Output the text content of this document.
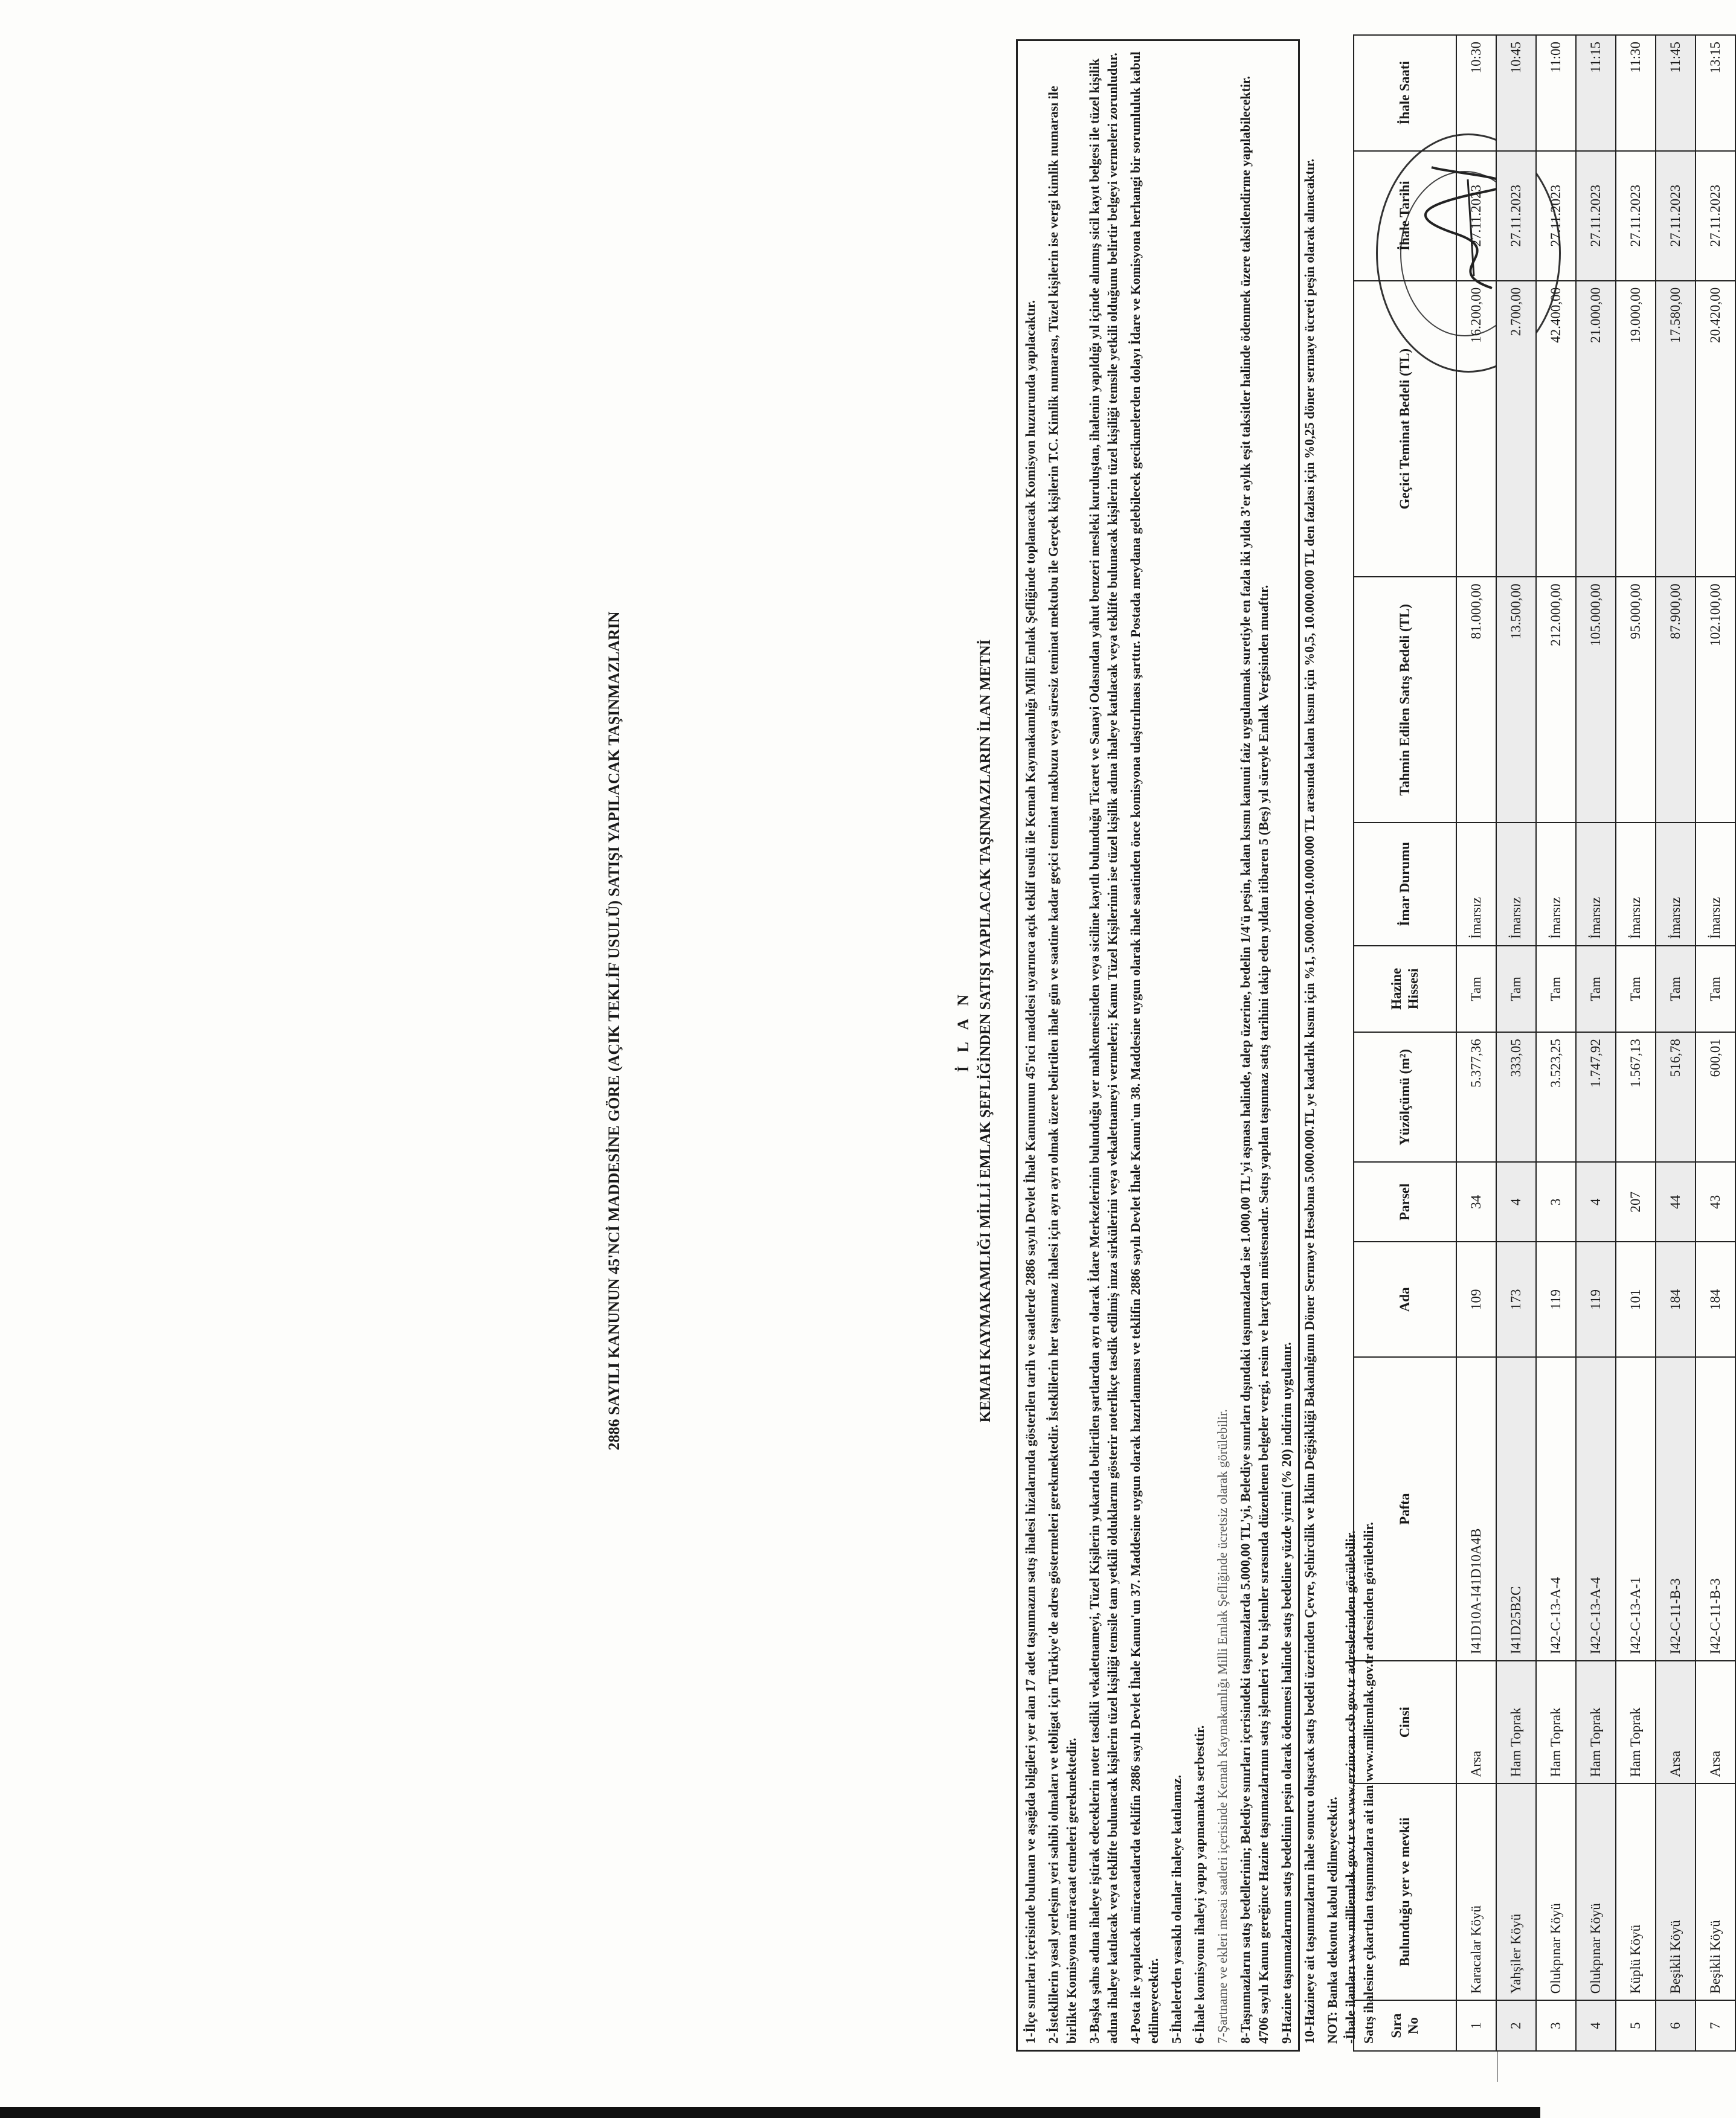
İ L A N KEMAH KAYMAKAMLIĞI MİLLİ EMLAK ŞEFLİĞİNDEN SATIŞI YAPILACAK TAŞINMAZLARIN İLAN METNİ 1-İlçe sınırları içerisinde bulunan ve aşağıda bilgileri yer alan 17 adet taşınmazın satış ihalesi hizalarında gösterilen tarih ve saatlerde 2886 sayılı Devlet İhale Kanununun 45'nci maddesi uyarınca açık teklif usulü ile Kemah Kaymakamlığı Milli Emlak Şefliğinde toplanacak Komisyon huzurunda yapılacaktır. 2-İsteklilerin yasal yerleşim yeri sahibi olmaları ve tebligat için Türkiye'de adres göstermeleri gerekmektedir. İsteklilerin her taşınmaz ihalesi için ayrı ayrı olmak üzere belirtilen ihale gün ve saatine kadar geçici teminat makbuzu veya süresiz teminat mektubu ile Gerçek kişilerin T.C. Kimlik numarası, Tüzel kişilerin ise vergi kimlik numarası ile birlikte Komisyona müracaat etmeleri gerekmektedir. 3-Başka şahıs adına ihaleye iştirak edeceklerin noter tasdikli vekaletnameyi, Tüzel Kişilerin yukarıda belirtilen şartlardan ayrı olarak İdare Merkezlerinin bulunduğu yer mahkemesinden veya siciline kayıtlı bulunduğu Ticaret ve Sanayi Odasından yahut benzeri mesleki kuruluştan, ihalenin yapıldığı yıl içinde alınmış sicil kayıt belgesi ile tüzel kişilik adına ihaleye katılacak veya teklifte bulunacak kişilerin tüzel kişiliği temsile tam yetkili olduklarını gösterir noterlikçe tasdik edilmiş imza sirkülerini veya vekaletnameyi vermeleri; Kamu Tüzel Kişilerinin ise tüzel kişilik adına ihaleye katılacak veya teklifte bulunacak kişilerin tüzel kişiliği temsile yetkili olduğunu belirtir belgeyi vermeleri zorunludur. 4-Posta ile yapılacak müracaatlarda teklifin 2886 sayılı Devlet İhale Kanun'un 37. Maddesine uygun olarak hazırlanması ve teklifin 2886 sayılı Devlet İhale Kanun'un 38. Maddesine uygun olarak ihale saatinden önce komisyona ulaştırılması şarttır. Postada meydana gelebilecek gecikmelerden dolayı İdare ve Komisyona herhangi bir sorumluluk kabul edilmeyecektir. 5-İhalelerden yasaklı olanlar ihaleye katılamaz. 6-İhale komisyonu ihaleyi yapıp yapmamakta serbesttir. 7-Şartname ve ekleri mesai saatleri içerisinde Kemah Kaymakamlığı Milli Emlak Şefliğinde ücretsiz olarak görülebilir. 8-Taşınmazların satış bedellerinin; Belediye sınırları içerisindeki taşınmazlarda 5.000,00 TL'yi, Belediye sınırları dışındaki taşınmazlarda ise 1.000,00 TL'yi aşması halinde, talep üzerine, bedelin 1/4'ü peşin, kalan kısmı kanuni faiz uygulanmak suretiyle en fazla iki yılda 3'er aylık eşit taksitler halinde ödenmek üzere taksitlendirme yapılabilecektir. 4706 sayılı Kanun gereğince Hazine taşınmazlarının satış işlemleri ve bu işlemler sırasında düzenlenen belgeler vergi, resim ve harçtan müstesnadır. Satışı yapılan taşınmaz satış tarihini takip eden yıldan itibaren 5 (Beş) yıl süreyle Emlak Vergisinden muaftır. 9-Hazine taşınmazlarının satış bedelinin peşin olarak ödenmesi halinde satış bedeline yüzde yirmi (% 20) indirim uygulanır. 10-Hazineye ait taşınmazların ihale sonucu oluşacak satış bedeli üzerinden Çevre, Şehircilik ve İklim Değişikliği Bakanlığının Döner Sermaye Hesabına 5.000.000.TL ye kadarlık kısmı için %1, 5.000.000-10.000.000 TL arasında kalan kısım için %0,5, 10.000.000 TL den fazlası için %0,25 döner sermaye ücreti peşin olarak alınacaktır. NOT: Banka dekontu kabul edilmeyecektir. -İhale ilanları www.milliemlak.gov.tr ve www.erzincan.csb.gov.tr adreslerinden görülebilir. Satış ihalesine çıkartılan taşınmazlara ait ilan www.milliemlak.gov.tr adresinden görülebilir.
2886 SAYILI KANUNUN 45'NCİ MADDESİNE GÖRE (AÇIK TEKLİF USULÜ) SATIŞI YAPILACAK TAŞINMAZLARIN
Sıra No	Bulunduğu yer ve mevkii	Cinsi	Pafta	Ada	Parsel	Yüzölçümü (m²)	Hazine Hissesi	İmar Durumu	Tahmin Edilen Satış Bedeli (TL)	Geçici Teminat Bedeli (TL)	İhale Tarihi	İhale Saati
1	Karacalar Köyü	Arsa	I41D10A-I41D10A4B	109	34	5.377,36	Tam	İmarsız	81.000,00	16.200,00	27.11.2023	10:30
2	Yahşiler Köyü	Ham Toprak	I41D25B2C	173	4	333,05	Tam	İmarsız	13.500,00	2.700,00	27.11.2023	10:45
3	Olukpınar Köyü	Ham Toprak	I42-C-13-A-4	119	3	3.523,25	Tam	İmarsız	212.000,00	42.400,00	27.11.2023	11:00
4	Olukpınar Köyü	Ham Toprak	I42-C-13-A-4	119	4	1.747,92	Tam	İmarsız	105.000,00	21.000,00	27.11.2023	11:15
5	Küplü Köyü	Ham Toprak	I42-C-13-A-1	101	207	1.567,13	Tam	İmarsız	95.000,00	19.000,00	27.11.2023	11:30
6	Beşikli Köyü	Arsa	I42-C-11-B-3	184	44	516,78	Tam	İmarsız	87.900,00	17.580,00	27.11.2023	11:45
7	Beşikli Köyü	Arsa	I42-C-11-B-3	184	43	600,01	Tam	İmarsız	102.100,00	20.420,00	27.11.2023	13:15
